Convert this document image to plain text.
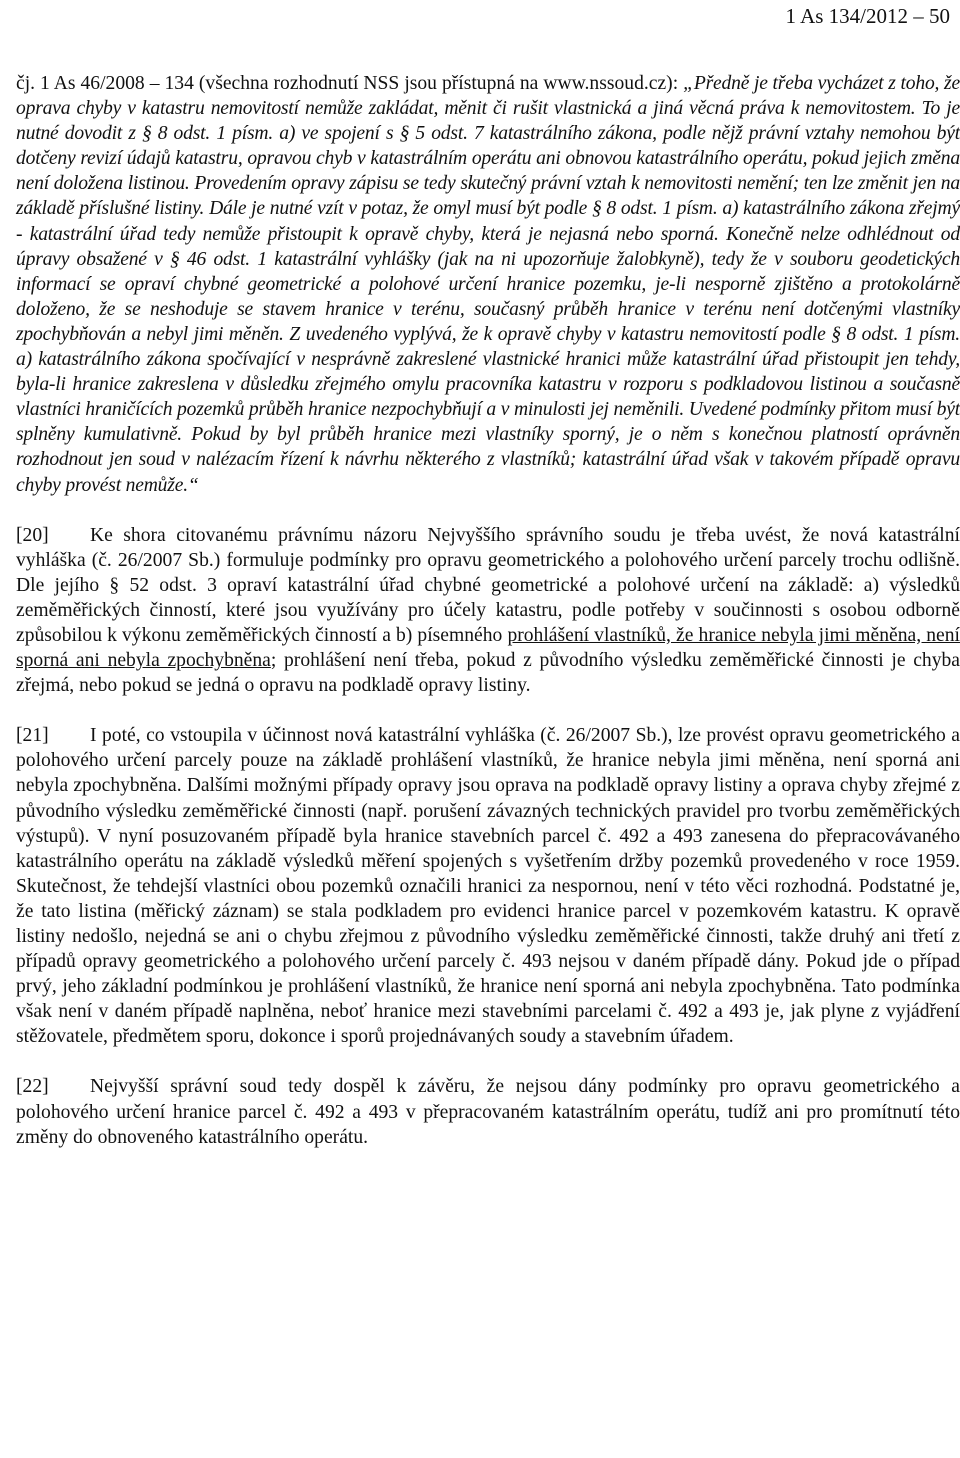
1 As 134/2012 – 50

čj. 1 As 46/2008 – 134 (všechna rozhodnutí NSS jsou přístupná na www.nssoud.cz): „Předně je třeba vycházet z toho, že oprava chyby v katastru nemovitostí nemůže zakládat, měnit či rušit vlastnická a jiná věcná práva k nemovitostem. To je nutné dovodit z § 8 odst. 1 písm. a) ve spojení s § 5 odst. 7 katastrálního zákona, podle nějž právní vztahy nemohou být dotčeny revizí údajů katastru, opravou chyb v katastrálním operátu ani obnovou katastrálního operátu, pokud jejich změna není doložena listinou. Provedením opravy zápisu se tedy skutečný právní vztah k nemovitosti nemění; ten lze změnit jen na základě příslušné listiny. Dále je nutné vzít v potaz, že omyl musí být podle § 8 odst. 1 písm. a) katastrálního zákona zřejmý - katastrální úřad tedy nemůže přistoupit k opravě chyby, která je nejasná nebo sporná. Konečně nelze odhlédnout od úpravy obsažené v § 46 odst. 1 katastrální vyhlášky (jak na ni upozorňuje žalobkyně), tedy že v souboru geodetických informací se opraví chybné geometrické a polohové určení hranice pozemku, je-li nesporně zjištěno a protokolárně doloženo, že se neshoduje se stavem hranice v terénu, současný průběh hranice v terénu není dotčenými vlastníky zpochybňován a nebyl jimi měněn. Z uvedeného vyplývá, že k opravě chyby v katastru nemovitostí podle § 8 odst. 1 písm. a) katastrálního zákona spočívající v nesprávně zakreslené vlastnické hranici může katastrální úřad přistoupit jen tehdy, byla-li hranice zakreslena v důsledku zřejmého omylu pracovníka katastru v rozporu s podkladovou listinou a současně vlastníci hraničících pozemků průběh hranice nezpochybňují a v minulosti jej neměnili. Uvedené podmínky přitom musí být splněny kumulativně. Pokud by byl průběh hranice mezi vlastníky sporný, je o něm s konečnou platností oprávněn rozhodnout jen soud v nalézacím řízení k návrhu některého z vlastníků; katastrální úřad však v takovém případě opravu chyby provést nemůže.“

[20] Ke shora citovanému právnímu názoru Nejvyššího správního soudu je třeba uvést, že nová katastrální vyhláška (č. 26/2007 Sb.) formuluje podmínky pro opravu geometrického a polohového určení parcely trochu odlišně. Dle jejího § 52 odst. 3 opraví katastrální úřad chybné geometrické a polohové určení na základě: a) výsledků zeměměřických činností, které jsou využívány pro účely katastru, podle potřeby v součinnosti s osobou odborně způsobilou k výkonu zeměměřických činností a b) písemného prohlášení vlastníků, že hranice nebyla jimi měněna, není sporná ani nebyla zpochybněna; prohlášení není třeba, pokud z původního výsledku zeměměřické činnosti je chyba zřejmá, nebo pokud se jedná o opravu na podkladě opravy listiny.

[21] I poté, co vstoupila v účinnost nová katastrální vyhláška (č. 26/2007 Sb.), lze provést opravu geometrického a polohového určení parcely pouze na základě prohlášení vlastníků, že hranice nebyla jimi měněna, není sporná ani nebyla zpochybněna. Dalšími možnými případy opravy jsou oprava na podkladě opravy listiny a oprava chyby zřejmé z původního výsledku zeměměřické činnosti (např. porušení závazných technických pravidel pro tvorbu zeměměřických výstupů). V nyní posuzovaném případě byla hranice stavebních parcel č. 492 a 493 zanesena do přepracovávaného katastrálního operátu na základě výsledků měření spojených s vyšetřením držby pozemků provedeného v roce 1959. Skutečnost, že tehdejší vlastníci obou pozemků označili hranici za nespornou, není v této věci rozhodná. Podstatné je, že tato listina (měřický záznam) se stala podkladem pro evidenci hranice parcel v pozemkovém katastru. K opravě listiny nedošlo, nejedná se ani o chybu zřejmou z původního výsledku zeměměřické činnosti, takže druhý ani třetí z případů opravy geometrického a polohového určení parcely č. 493 nejsou v daném případě dány. Pokud jde o případ prvý, jeho základní podmínkou je prohlášení vlastníků, že hranice není sporná ani nebyla zpochybněna. Tato podmínka však není v daném případě naplněna, neboť hranice mezi stavebními parcelami č. 492 a 493 je, jak plyne z vyjádření stěžovatele, předmětem sporu, dokonce i sporů projednávaných soudy a stavebním úřadem.

[22] Nejvyšší správní soud tedy dospěl k závěru, že nejsou dány podmínky pro opravu geometrického a polohového určení hranice parcel č. 492 a 493 v přepracovaném katastrálním operátu, tudíž ani pro promítnutí této změny do obnoveného katastrálního operátu.
